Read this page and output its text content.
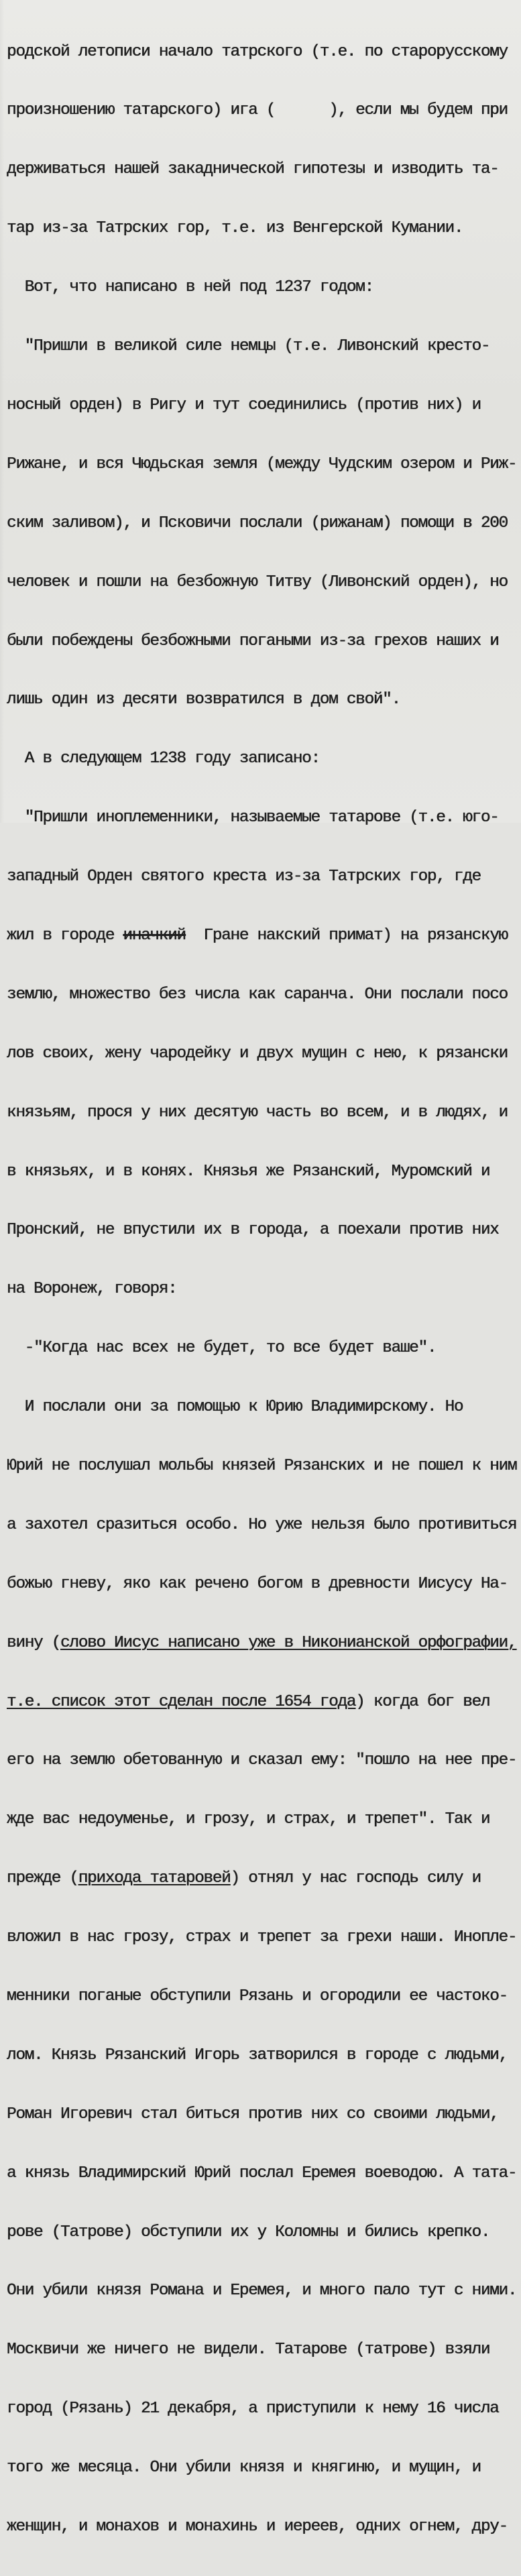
родской летописи начало татрского (т.е. по старорусскому

произношению татарского) ига (	), если мы будем при

держиваться нашей закадничеcкой гипотезы и изводить та-

тар из-за Татрских гор, т.е. из Венгерской Кумании.

Вот, что написано в ней под 1237 годом:

"Пришли в великой силе немцы (т.е. Ливонский кресто-

носный орден) в Ригу и тут соединились (против них) и

Рижане, и вся Чюдьская земля (между Чудским озером и Риж-

ским заливом), и Псковичи послали (рижанам) помощи в 200

человек и пошли на безбожную Титву (Ливонский орден), но

были побеждены безбожными погаными из-за грехов наших и

лишь один из десяти возвратился в дом свой".

А в следующем 1238 году записано:

"Пришли иноплеменники, называемые татарове (т.е. юго-

западный Орден святого креста из-за Татрских гор, где

жил в городе иначкий  Гране накский примат) на рязанскую

землю, множество без числа как саранча. Они послали посо

лов своих, жену чародейку и двух мущин с нею, к рязански

князьям, прося у них десятую часть во всем, и в людях, и

в князьях, и в конях. Князья же Рязанский, Муромский и

Пронский, не впустили их в города, а поехали против них

на Воронеж, говоря:

-"Когда нас всех не будет, то все будет ваше".

И послали они за помощью к Юрию Владимирскому. Но

Юрий не послушал мольбы князей Рязанских и не пошел к ним

а захотел сразиться особо. Но уже нельзя было противиться

божью гневу, яко как речено богом в древности Иисусу На-

вину (слово Иисус написано уже в Никонианской орфографии,

т.е. список этот сделан после 1654 года) когда бог вел

его на землю обетованную и сказал ему: "пошло на нее пре-

жде вас недоуменье, и грозу, и страх, и трепет". Так и

прежде (прихода татаровей) отнял у нас господь силу и

вложил в нас грозу, страх и трепет за грехи наши. Иноплe-

менники поганые обступили Рязань и огородили ее частоко-

лом. Князь Рязанский Игорь затворился в городе с людьми,

Роман Игоревич стал биться против них со своими людьми,

а князь Владимирский Юрий послал Еремея воеводою. А тата-

рове (Татрове) обступили их у Коломны и бились крепко.

Они убили князя Романа и Еремея, и много пало тут с ними.

Москвичи же ничего не видели. Татарове (татрове) взяли

город (Рязань) 21 декабря, а приступили к нему 16 числа

того же месяца. Они убили князя и княгиню, и мущин, и

женщин, и монахов и монахинь и иереев, одних огнем, дру-
